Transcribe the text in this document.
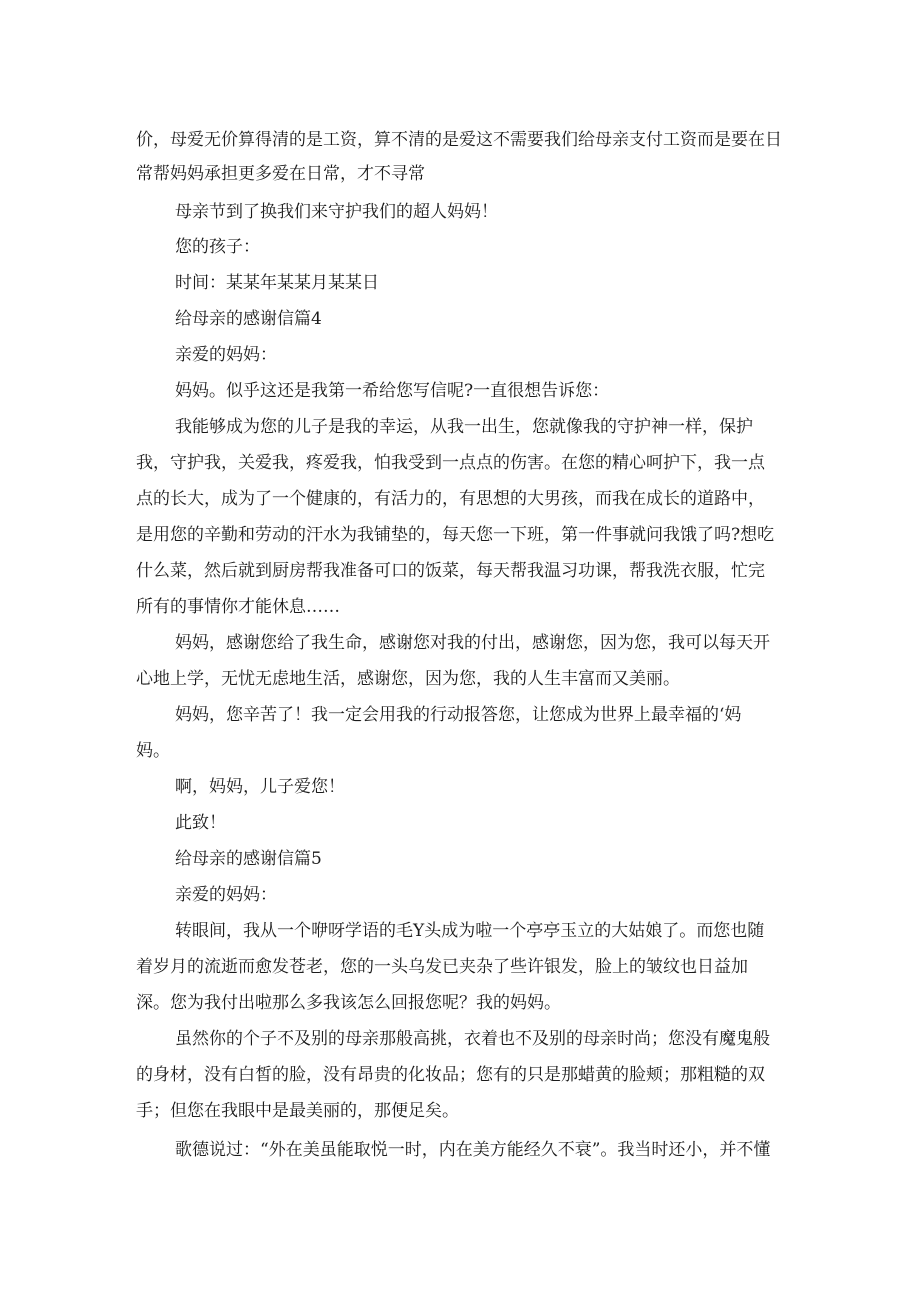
价，母爱无价算得清的是工资，算不清的是爱这不需要我们给母亲支付工资而是要在日

常帮妈妈承担更多爱在日常，才不寻常

母亲节到了换我们来守护我们的超人妈妈！

您的孩子：

时间：某某年某某月某某日

给母亲的感谢信篇4

亲爱的妈妈：

妈妈。似乎这还是我第一希给您写信呢?一直很想告诉您：

我能够成为您的儿子是我的幸运，从我一出生，您就像我的守护神一样，保护

我，守护我，关爱我，疼爱我，怕我受到一点点的伤害。在您的精心呵护下，我一点

点的长大，成为了一个健康的，有活力的，有思想的大男孩，而我在成长的道路中，

是用您的辛勤和劳动的汗水为我铺垫的，每天您一下班，第一件事就问我饿了吗?想吃

什么菜，然后就到厨房帮我准备可口的饭菜，每天帮我温习功课，帮我洗衣服，忙完

所有的事情你才能休息……

妈妈，感谢您给了我生命，感谢您对我的付出，感谢您，因为您，我可以每天开

心地上学，无忧无虑地生活，感谢您，因为您，我的人生丰富而又美丽。

妈妈，您辛苦了！我一定会用我的行动报答您，让您成为世界上最幸福的‘妈

妈。

啊，妈妈，儿子爱您！

此致！

给母亲的感谢信篇5

亲爱的妈妈：

转眼间，我从一个咿呀学语的毛Y头成为啦一个亭亭玉立的大姑娘了。而您也随

着岁月的流逝而愈发苍老，您的一头乌发已夹杂了些许银发，脸上的皱纹也日益加

深。您为我付出啦那么多我该怎么回报您呢？我的妈妈。

虽然你的个子不及别的母亲那般高挑，衣着也不及别的母亲时尚；您没有魔鬼般

的身材，没有白皙的脸，没有昂贵的化妆品；您有的只是那蜡黄的脸颊；那粗糙的双

手；但您在我眼中是最美丽的，那便足矣。

歌德说过：“外在美虽能取悦一时，内在美方能经久不衰”。我当时还小，并不懂
